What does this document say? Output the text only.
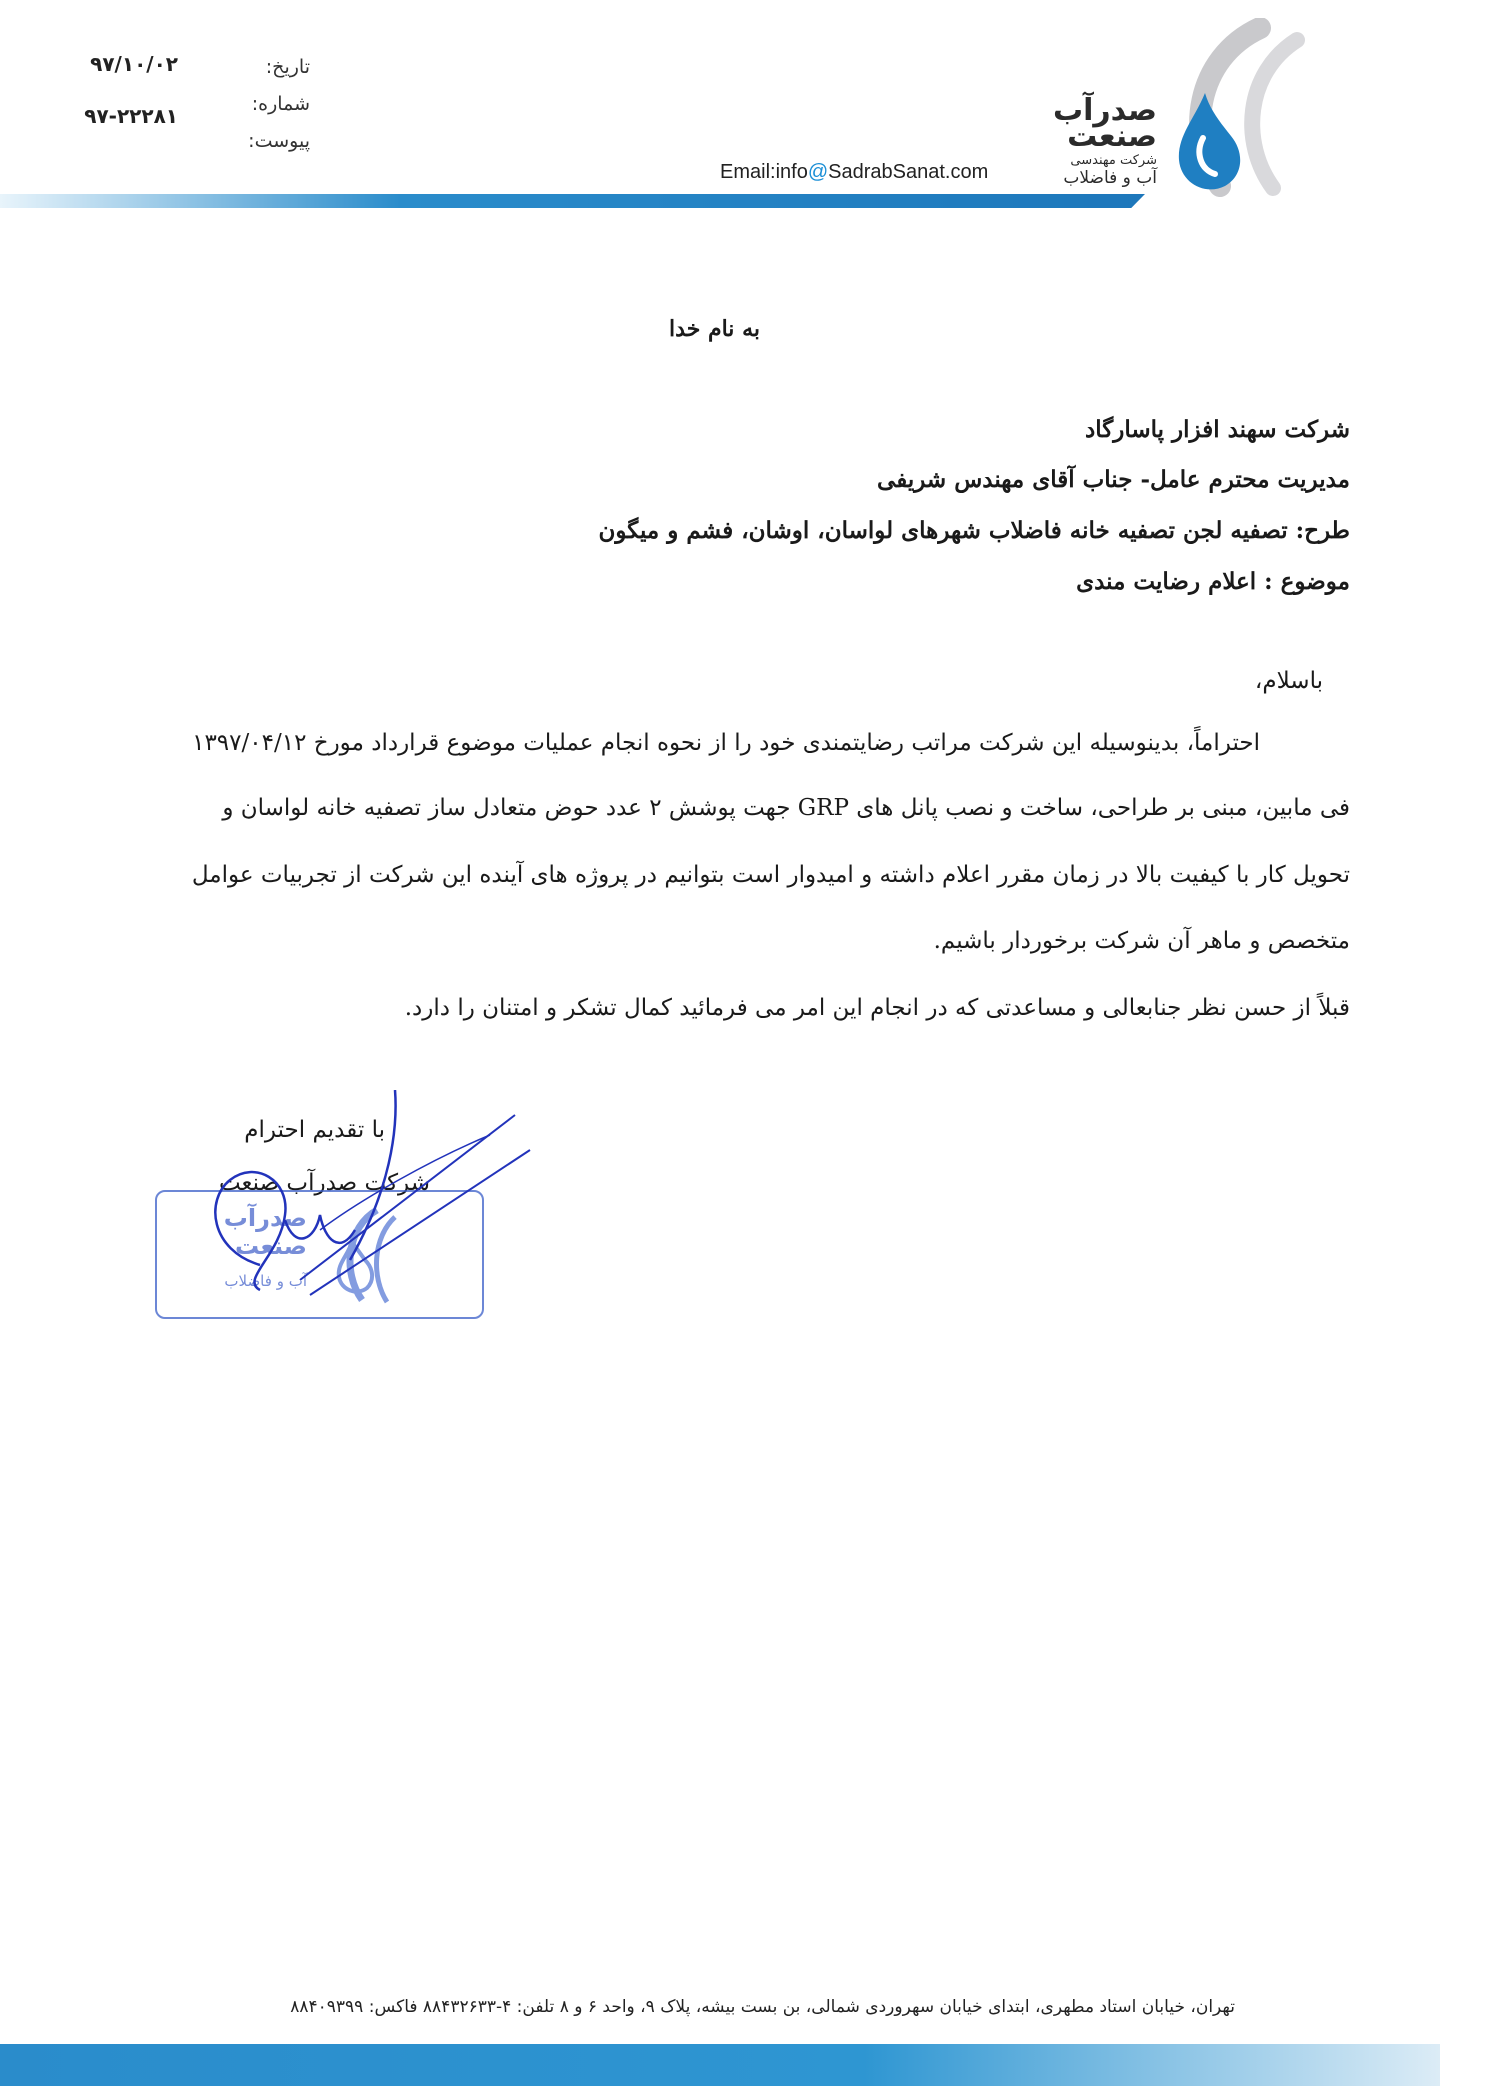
تاریخ:
شماره:
پیوست:
۹۷/۱۰/۰۲
۹۷-۲۲۲۸۱	صدرآب
صنعت
شرکت مهندسی
آب و فاضلاب
Email:info@SadrabSanat.com
به نام خدا
شرکت سهند افزار پاسارگاد
مدیریت محترم عامل- جناب آقای مهندس شریفی
طرح: تصفیه لجن تصفیه خانه فاضلاب شهرهای لواسان، اوشان، فشم و میگون
موضوع : اعلام رضایت مندی
باسلام،
احتراماً، بدینوسیله این شرکت مراتب رضایتمندی خود را از نحوه انجام عملیات موضوع قرارداد مورخ ۱۳۹۷/۰۴/۱۲
فی مابین، مبنی بر طراحی، ساخت و نصب پانل های GRP جهت پوشش ۲ عدد حوض متعادل ساز تصفیه خانه لواسان و
تحویل کار با کیفیت بالا در زمان مقرر اعلام داشته و امیدوار است بتوانیم در پروژه های آینده این شرکت از تجربیات عوامل
متخصص و ماهر آن شرکت برخوردار باشیم.
قبلاً از حسن نظر جنابعالی و مساعدتی که در انجام این امر می فرمائید کمال تشکر و امتنان را دارد.
با تقدیم احترام
شرکت صدرآب صنعت
صدرآب
صنعت
آب و فاضلاب
تهران، خیابان استاد مطهری، ابتدای خیابان سهروردی شمالی، بن بست بیشه، پلاک ۹، واحد ۶ و ۸ تلفن: ۴-۸۸۴۳۲۶۳۳ فاکس: ۸۸۴۰۹۳۹۹
